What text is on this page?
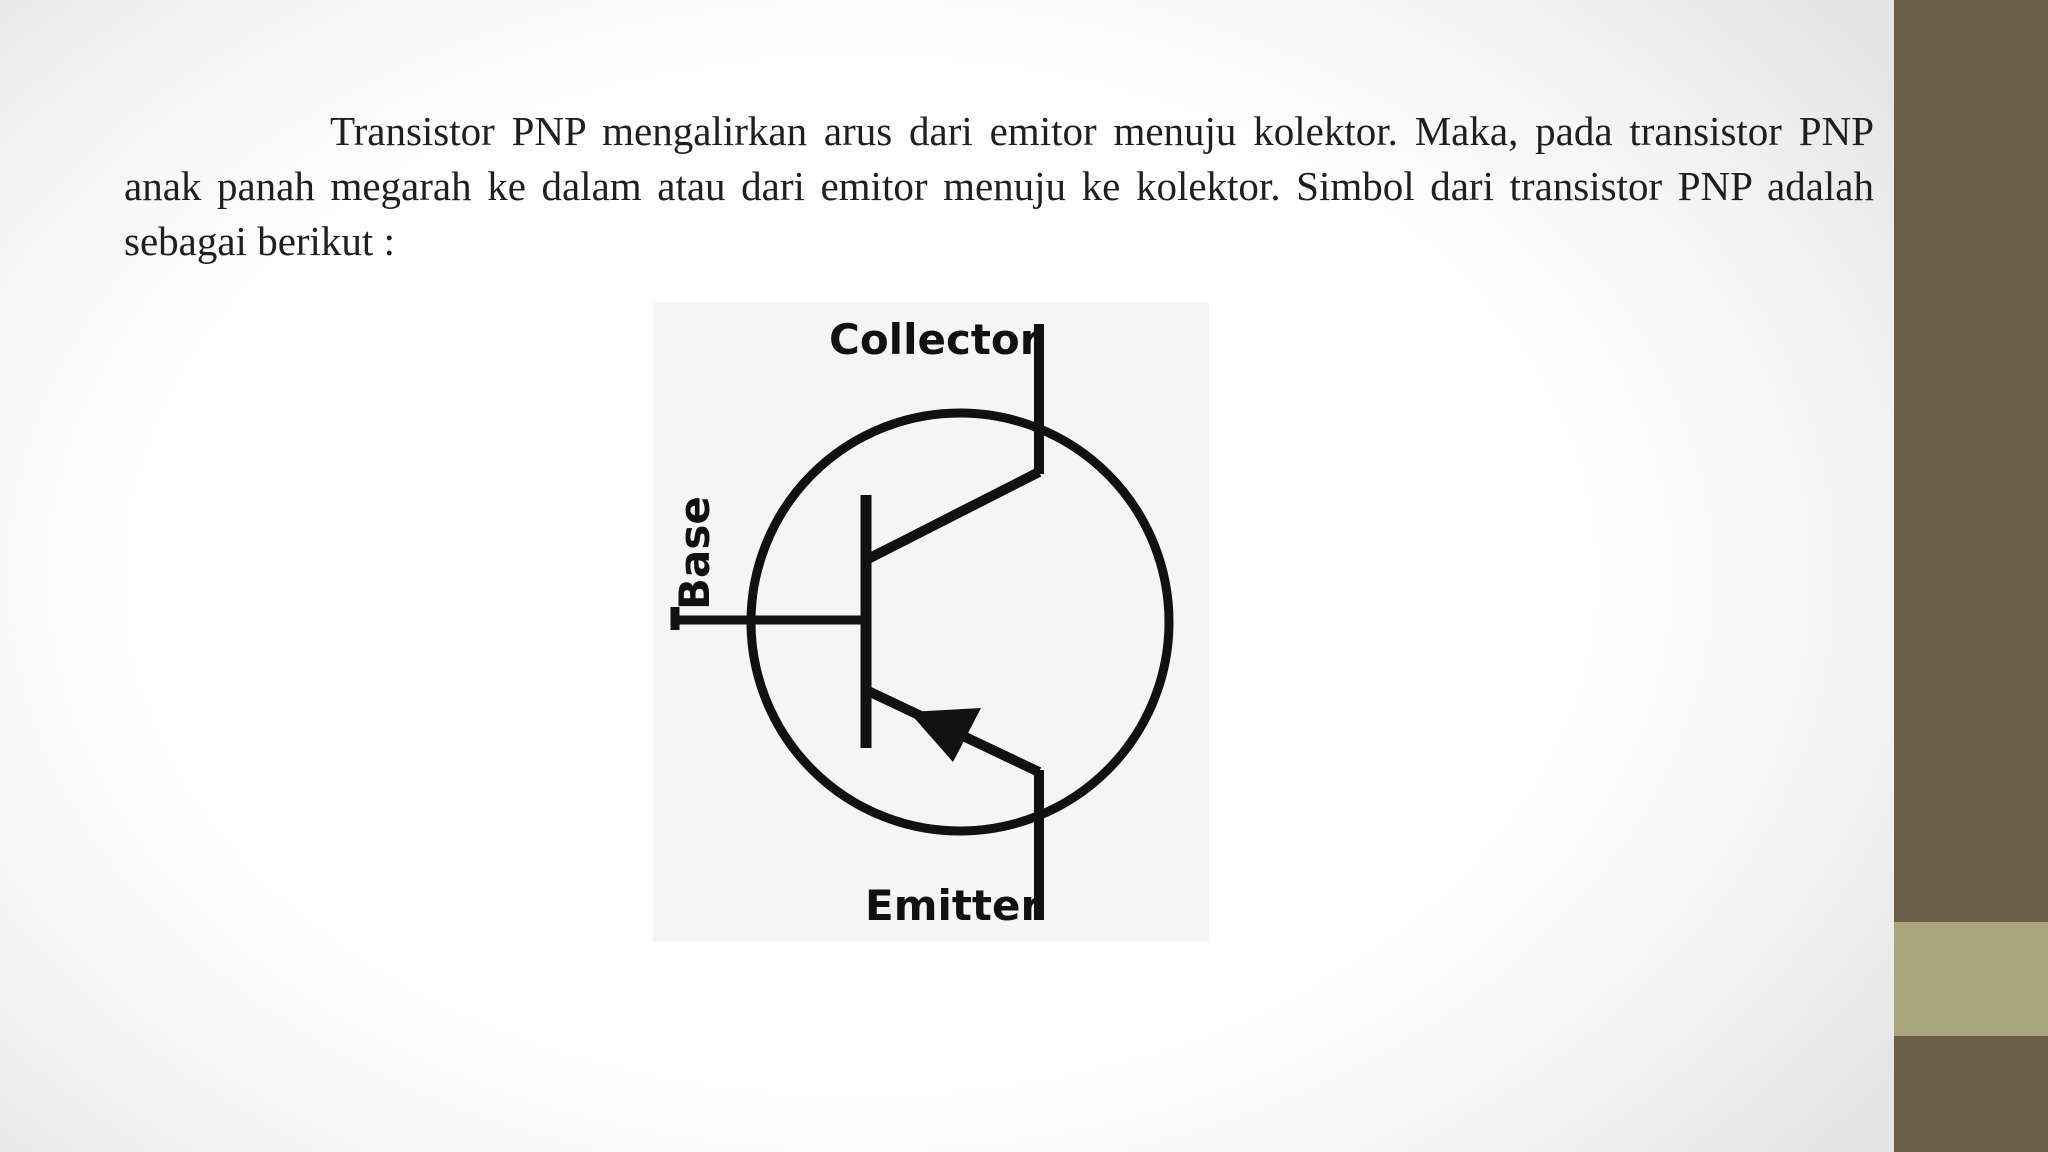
Transistor PNP mengalirkan arus dari emitor menuju kolektor. Maka, pada transistor PNP anak panah megarah ke dalam atau dari emitor menuju ke kolektor. Simbol dari transistor PNP adalah sebagai berikut :

Collector
Emitter
Base
